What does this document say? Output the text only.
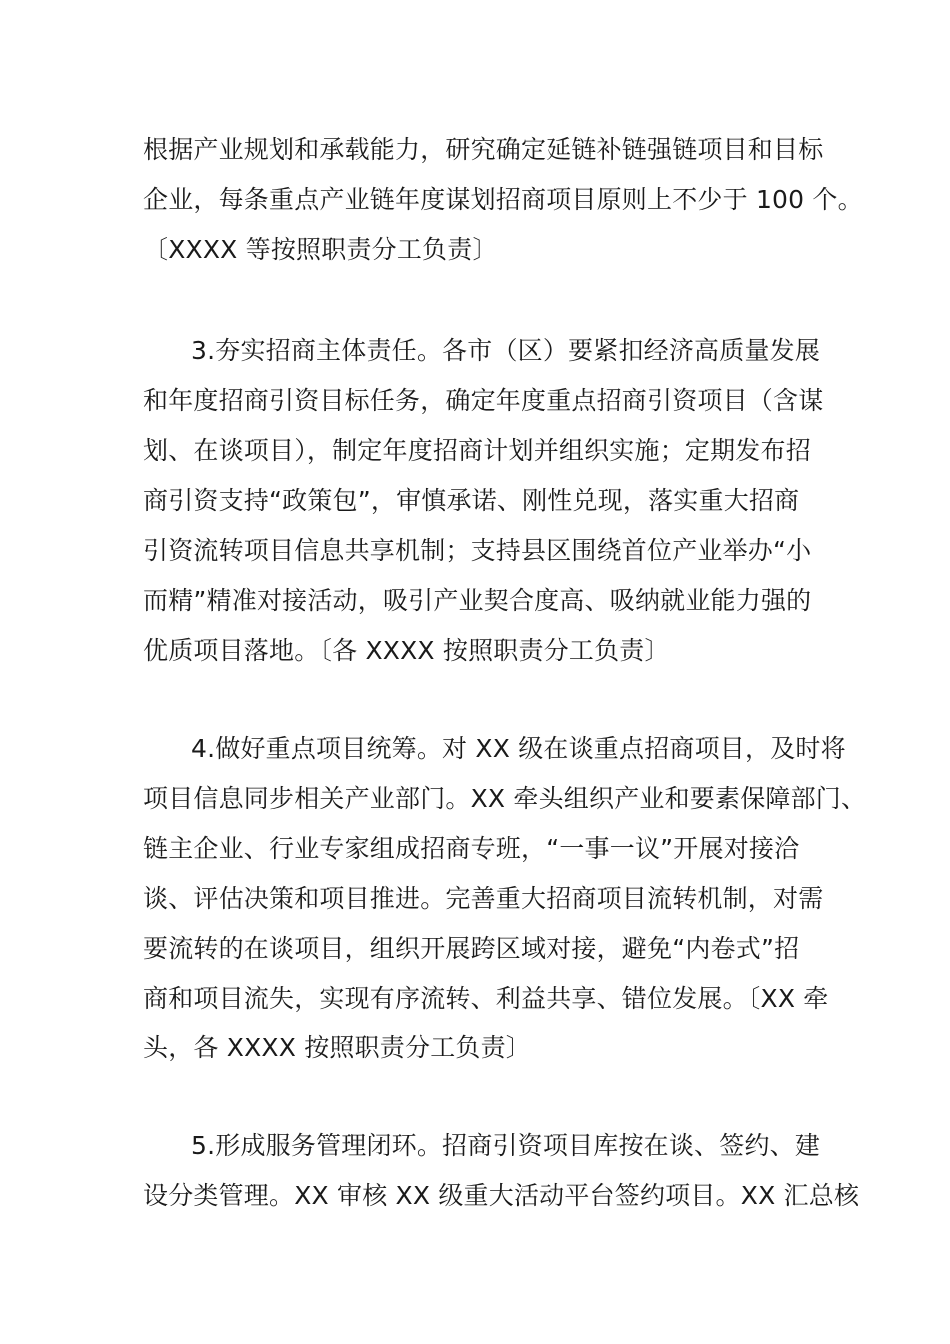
根据产业规划和承载能力，研究确定延链补链强链项目和目标
企业，每条重点产业链年度谋划招商项目原则上不少于 100 个。
〔XXXX 等按照职责分工负责〕
3.夯实招商主体责任。各市（区）要紧扣经济高质量发展
和年度招商引资目标任务，确定年度重点招商引资项目（含谋
划、在谈项目），制定年度招商计划并组织实施；定期发布招
商引资支持“政策包”，审慎承诺、刚性兑现，落实重大招商
引资流转项目信息共享机制；支持县区围绕首位产业举办“小
而精”精准对接活动，吸引产业契合度高、吸纳就业能力强的
优质项目落地。〔各 XXXX 按照职责分工负责〕
4.做好重点项目统筹。对 XX 级在谈重点招商项目，及时将
项目信息同步相关产业部门。XX 牵头组织产业和要素保障部门、
链主企业、行业专家组成招商专班，“一事一议”开展对接洽
谈、评估决策和项目推进。完善重大招商项目流转机制，对需
要流转的在谈项目，组织开展跨区域对接，避免“内卷式”招
商和项目流失，实现有序流转、利益共享、错位发展。〔XX 牵
头，各 XXXX 按照职责分工负责〕
5.形成服务管理闭环。招商引资项目库按在谈、签约、建
设分类管理。XX 审核 XX 级重大活动平台签约项目。XX 汇总核
